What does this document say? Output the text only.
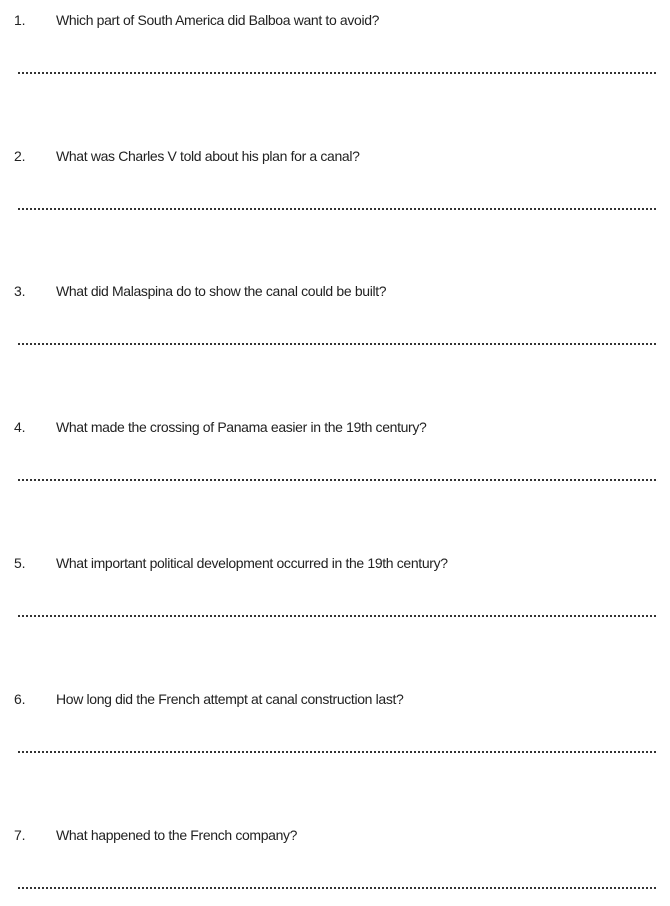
1. Which part of South America did Balboa want to avoid?
2. What was Charles V told about his plan for a canal?
3. What did Malaspina do to show the canal could be built?
4. What made the crossing of Panama easier in the 19th century?
5. What important political development occurred in the 19th century?
6. How long did the French attempt at canal construction last?
7. What happened to the French company?
